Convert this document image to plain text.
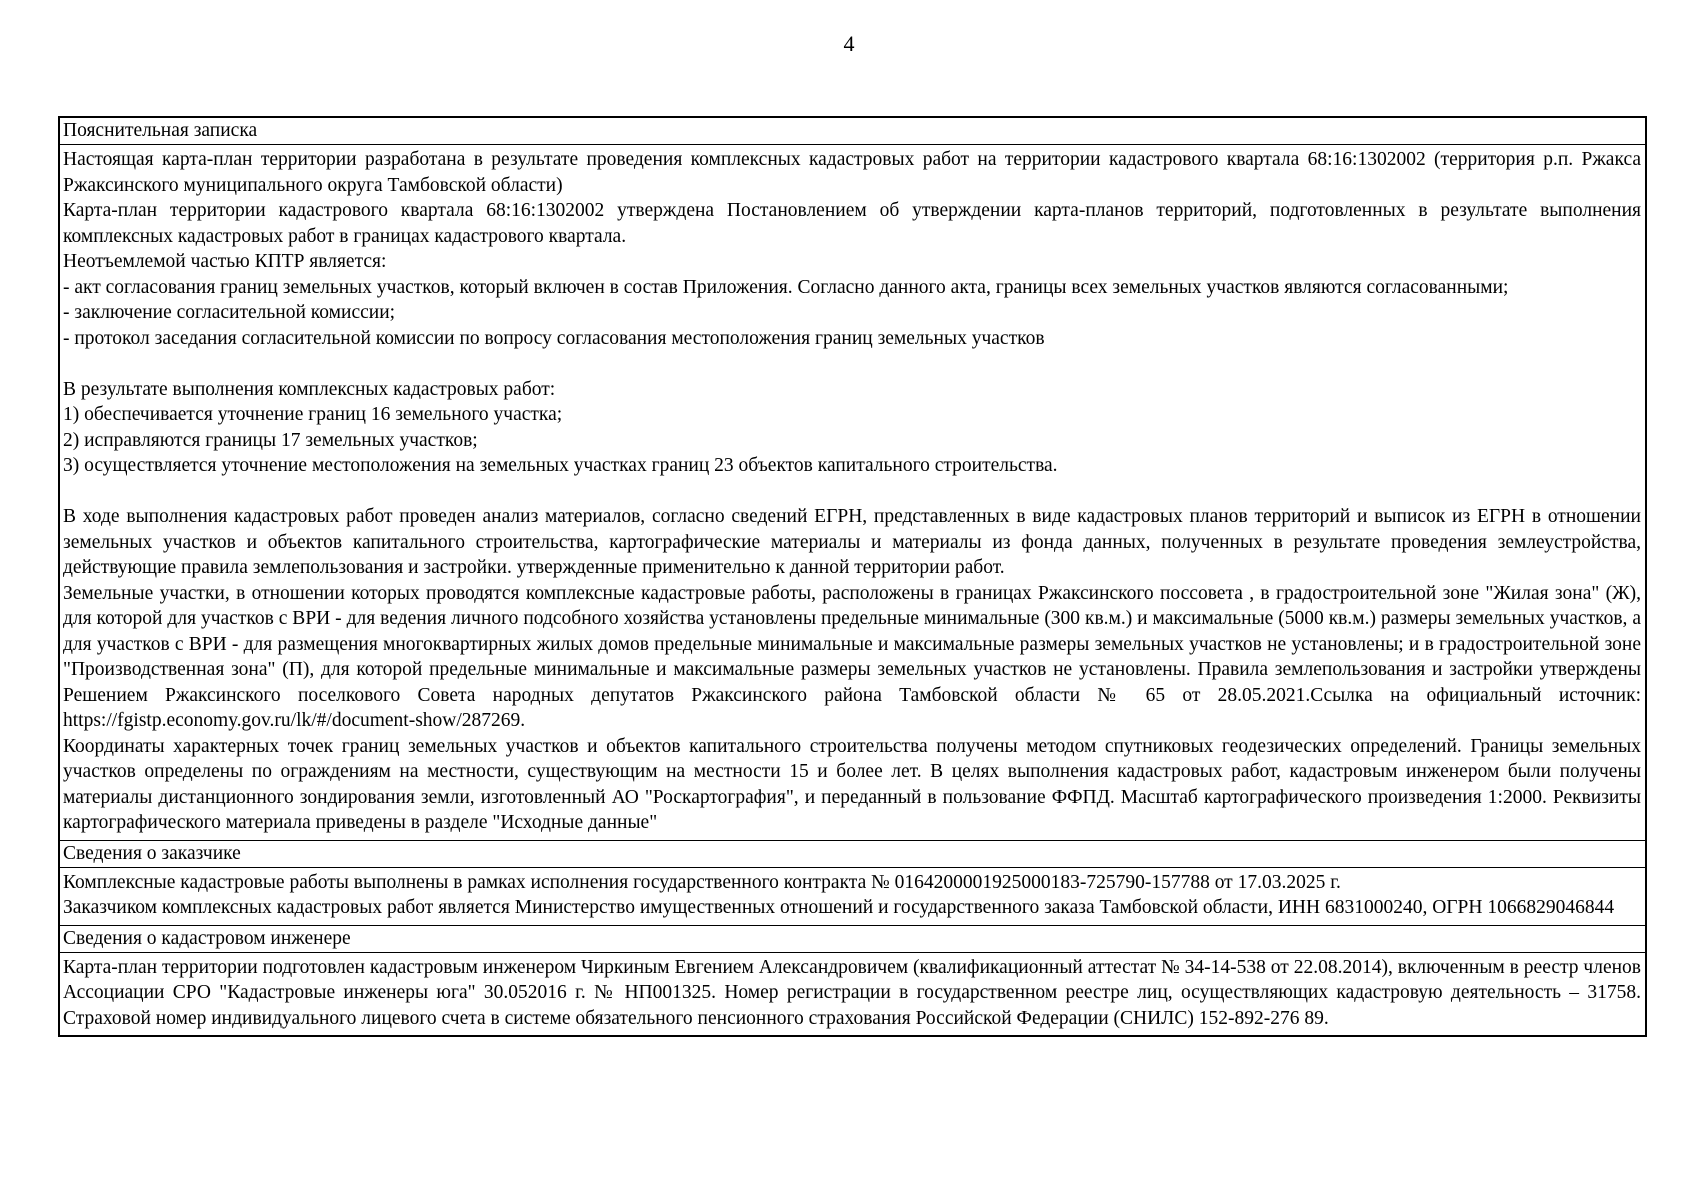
4
Пояснительная записка

Настоящая карта-план территории разработана в результате проведения комплексных кадастровых работ на территории кадастрового квартала 68:16:1302002 (территория р.п. Ржакса Ржаксинского муниципального округа Тамбовской области)

Карта-план территории кадастрового квартала 68:16:1302002 утверждена Постановлением об утверждении карта-планов территорий, подготовленных в результате выполнения комплексных кадастровых работ в границах кадастрового квартала.

Неотъемлемой частью КПТР является:

- акт согласования границ земельных участков, который включен в состав Приложения. Согласно данного акта, границы всех земельных участков являются согласованными;

- заключение согласительной комиссии;

- протокол заседания согласительной комиссии по вопросу согласования местоположения границ земельных участков

В результате выполнения комплексных кадастровых работ:

1) обеспечивается уточнение границ 16 земельного участка;

2) исправляются границы 17 земельных участков;

3) осуществляется уточнение местоположения на земельных участках границ 23 объектов капитального строительства.

В ходе выполнения кадастровых работ проведен анализ материалов, согласно сведений ЕГРН, представленных в виде кадастровых планов территорий и выписок из ЕГРН в отношении земельных участков и объектов капитального строительства, картографические материалы и материалы из фонда данных, полученных в результате проведения землеустройства, действующие правила землепользования и застройки. утвержденные применительно к данной территории работ.

Земельные участки, в отношении которых проводятся комплексные кадастровые работы, расположены в границах Ржаксинского поссовета , в градостроительной зоне "Жилая зона" (Ж), для которой для участков с ВРИ - для ведения личного подсобного хозяйства установлены предельные минимальные (300 кв.м.) и максимальные (5000 кв.м.) размеры земельных участков, а для участков с ВРИ - для размещения многоквартирных жилых домов предельные минимальные и максимальные размеры земельных участков не установлены; и в градостроительной зоне "Производственная зона" (П), для которой предельные минимальные и максимальные размеры земельных участков не установлены. Правила землепользования и застройки утверждены Решением Ржаксинского поселкового Совета народных депутатов Ржаксинского района Тамбовской области № 65 от 28.05.2021.Ссылка на официальный источник: https://fgistp.economy.gov.ru/lk/#/document-show/287269.

Координаты характерных точек границ земельных участков и объектов капитального строительства получены методом спутниковых геодезических определений. Границы земельных участков определены по ограждениям на местности, существующим на местности 15 и более лет. В целях выполнения кадастровых работ, кадастровым инженером были получены материалы дистанционного зондирования земли, изготовленный АО "Роскартография", и переданный в пользование ФФПД. Масштаб картографического произведения 1:2000. Реквизиты картографического материала приведены в разделе "Исходные данные"

Сведения о заказчике

Комплексные кадастровые работы выполнены в рамках исполнения государственного контракта № 0164200001925000183-725790-157788 от 17.03.2025 г.

Заказчиком комплексных кадастровых работ является Министерство имущественных отношений и государственного заказа Тамбовской области, ИНН 6831000240, ОГРН 1066829046844

Сведения о кадастровом инженере

Карта-план территории подготовлен кадастровым инженером Чиркиным Евгением Александровичем (квалификационный аттестат № 34-14-538 от 22.08.2014), включенным в реестр членов Ассоциации СРО "Кадастровые инженеры юга" 30.052016 г. № НП001325. Номер регистрации в государственном реестре лиц, осуществляющих кадастровую деятельность – 31758. Страховой номер индивидуального лицевого счета в системе обязательного пенсионного страхования Российской Федерации (СНИЛС) 152-892-276 89.
